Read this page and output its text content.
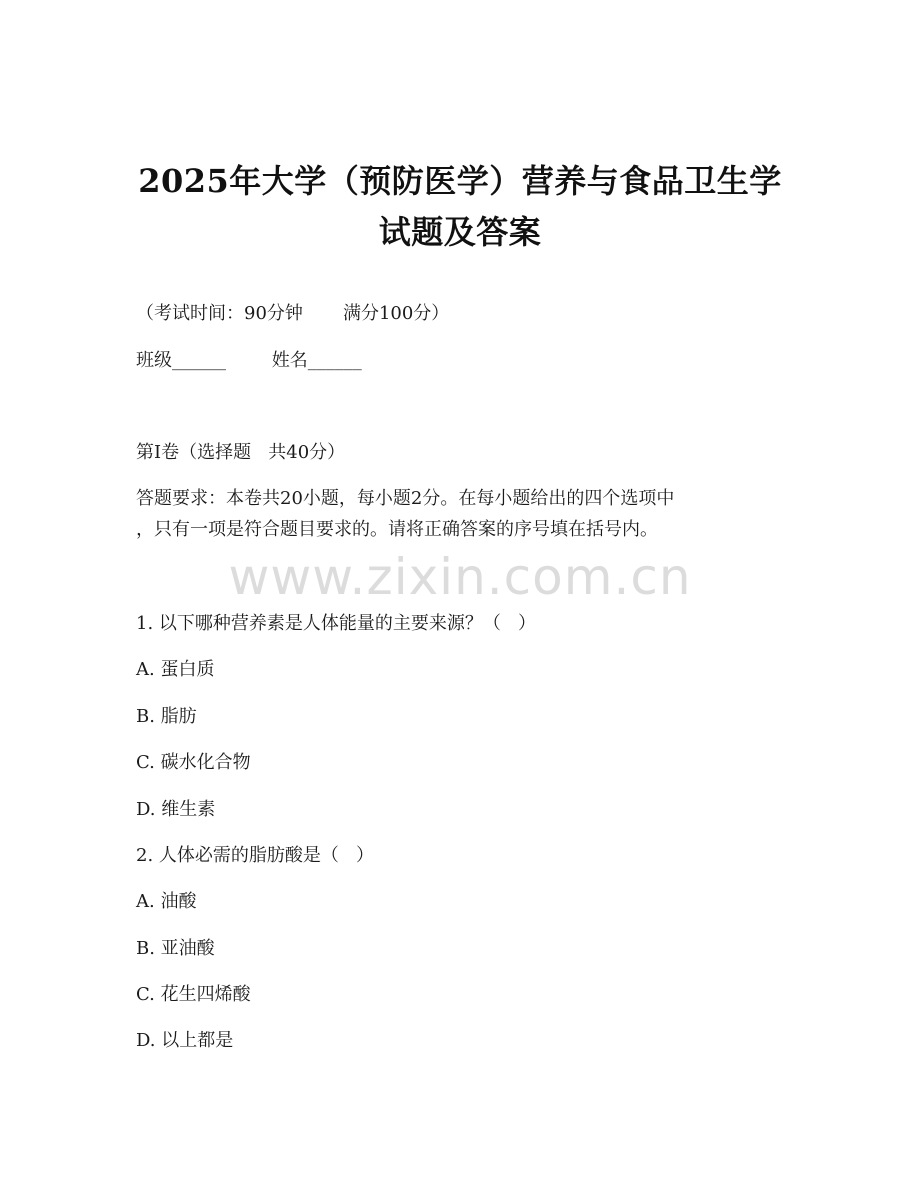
2025年大学（预防医学）营养与食品卫生学
试题及答案
（考试时间：90分钟       满分100分）
班级______        姓名______
第I卷（选择题   共40分）
答题要求：本卷共20小题，每小题2分。在每小题给出的四个选项中
，只有一项是符合题目要求的。请将正确答案的序号填在括号内。
www.zixin.com.cn
1. 以下哪种营养素是人体能量的主要来源？（   ）
A. 蛋白质
B. 脂肪
C. 碳水化合物
D. 维生素
2. 人体必需的脂肪酸是（   ）
A. 油酸
B. 亚油酸
C. 花生四烯酸
D. 以上都是
